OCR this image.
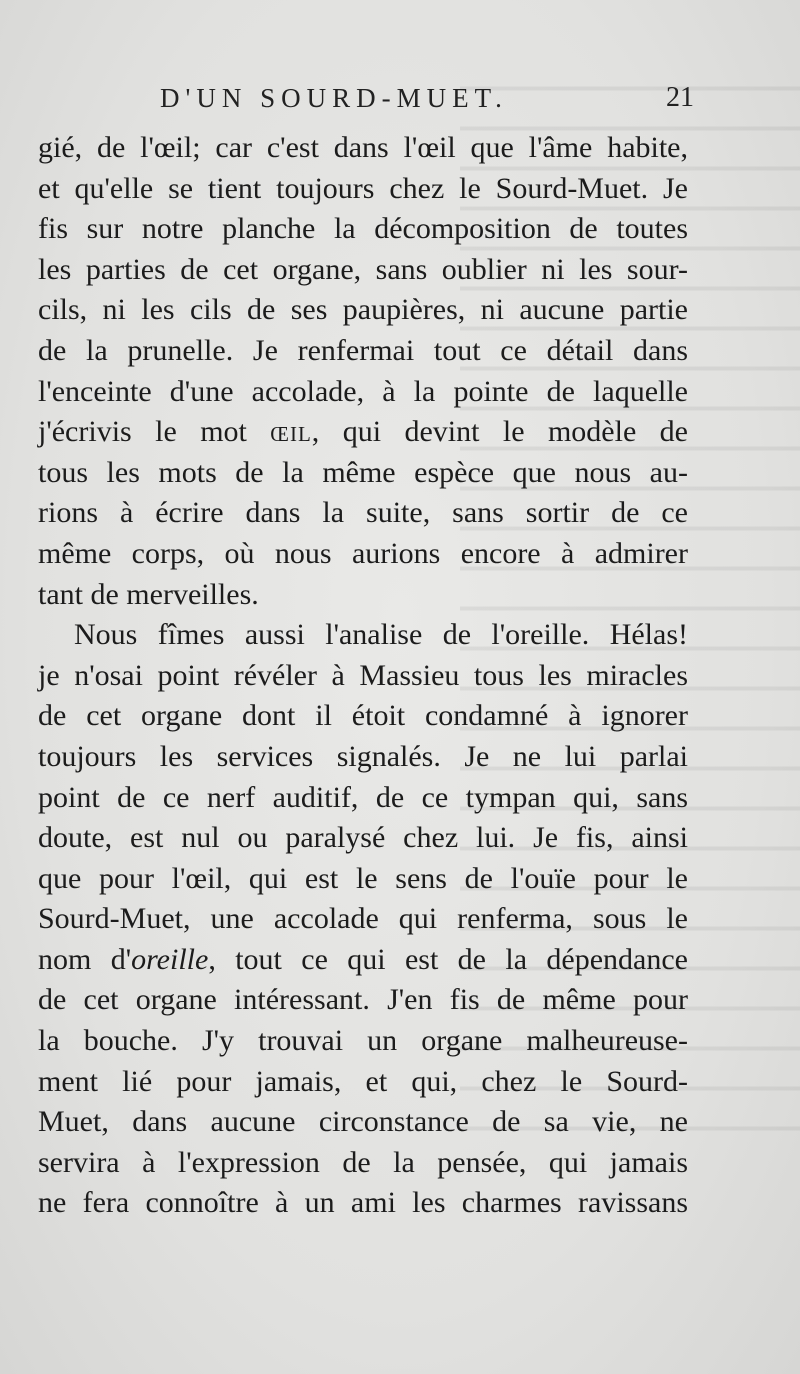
D'UN SOURD-MUET.	21
gié, de l'œil; car c'est dans l'œil que l'âme habite,
et qu'elle se tient toujours chez le Sourd-Muet. Je
fis sur notre planche la décomposition de toutes
les parties de cet organe, sans oublier ni les sour-
cils, ni les cils de ses paupières, ni aucune partie
de la prunelle. Je renfermai tout ce détail dans
l'enceinte d'une accolade, à la pointe de laquelle
j'écrivis le mot œil, qui devint le modèle de
tous les mots de la même espèce que nous au-
rions à écrire dans la suite, sans sortir de ce
même corps, où nous aurions encore à admirer
tant de merveilles.
Nous fîmes aussi l'analise de l'oreille. Hélas!
je n'osai point révéler à Massieu tous les miracles
de cet organe dont il étoit condamné à ignorer
toujours les services signalés. Je ne lui parlai
point de ce nerf auditif, de ce tympan qui, sans
doute, est nul ou paralysé chez lui. Je fis, ainsi
que pour l'œil, qui est le sens de l'ouïe pour le
Sourd-Muet, une accolade qui renferma, sous le
nom d'oreille, tout ce qui est de la dépendance
de cet organe intéressant. J'en fis de même pour
la bouche. J'y trouvai un organe malheureuse-
ment lié pour jamais, et qui, chez le Sourd-
Muet, dans aucune circonstance de sa vie, ne
servira à l'expression de la pensée, qui jamais
ne fera connoître à un ami les charmes ravissans
